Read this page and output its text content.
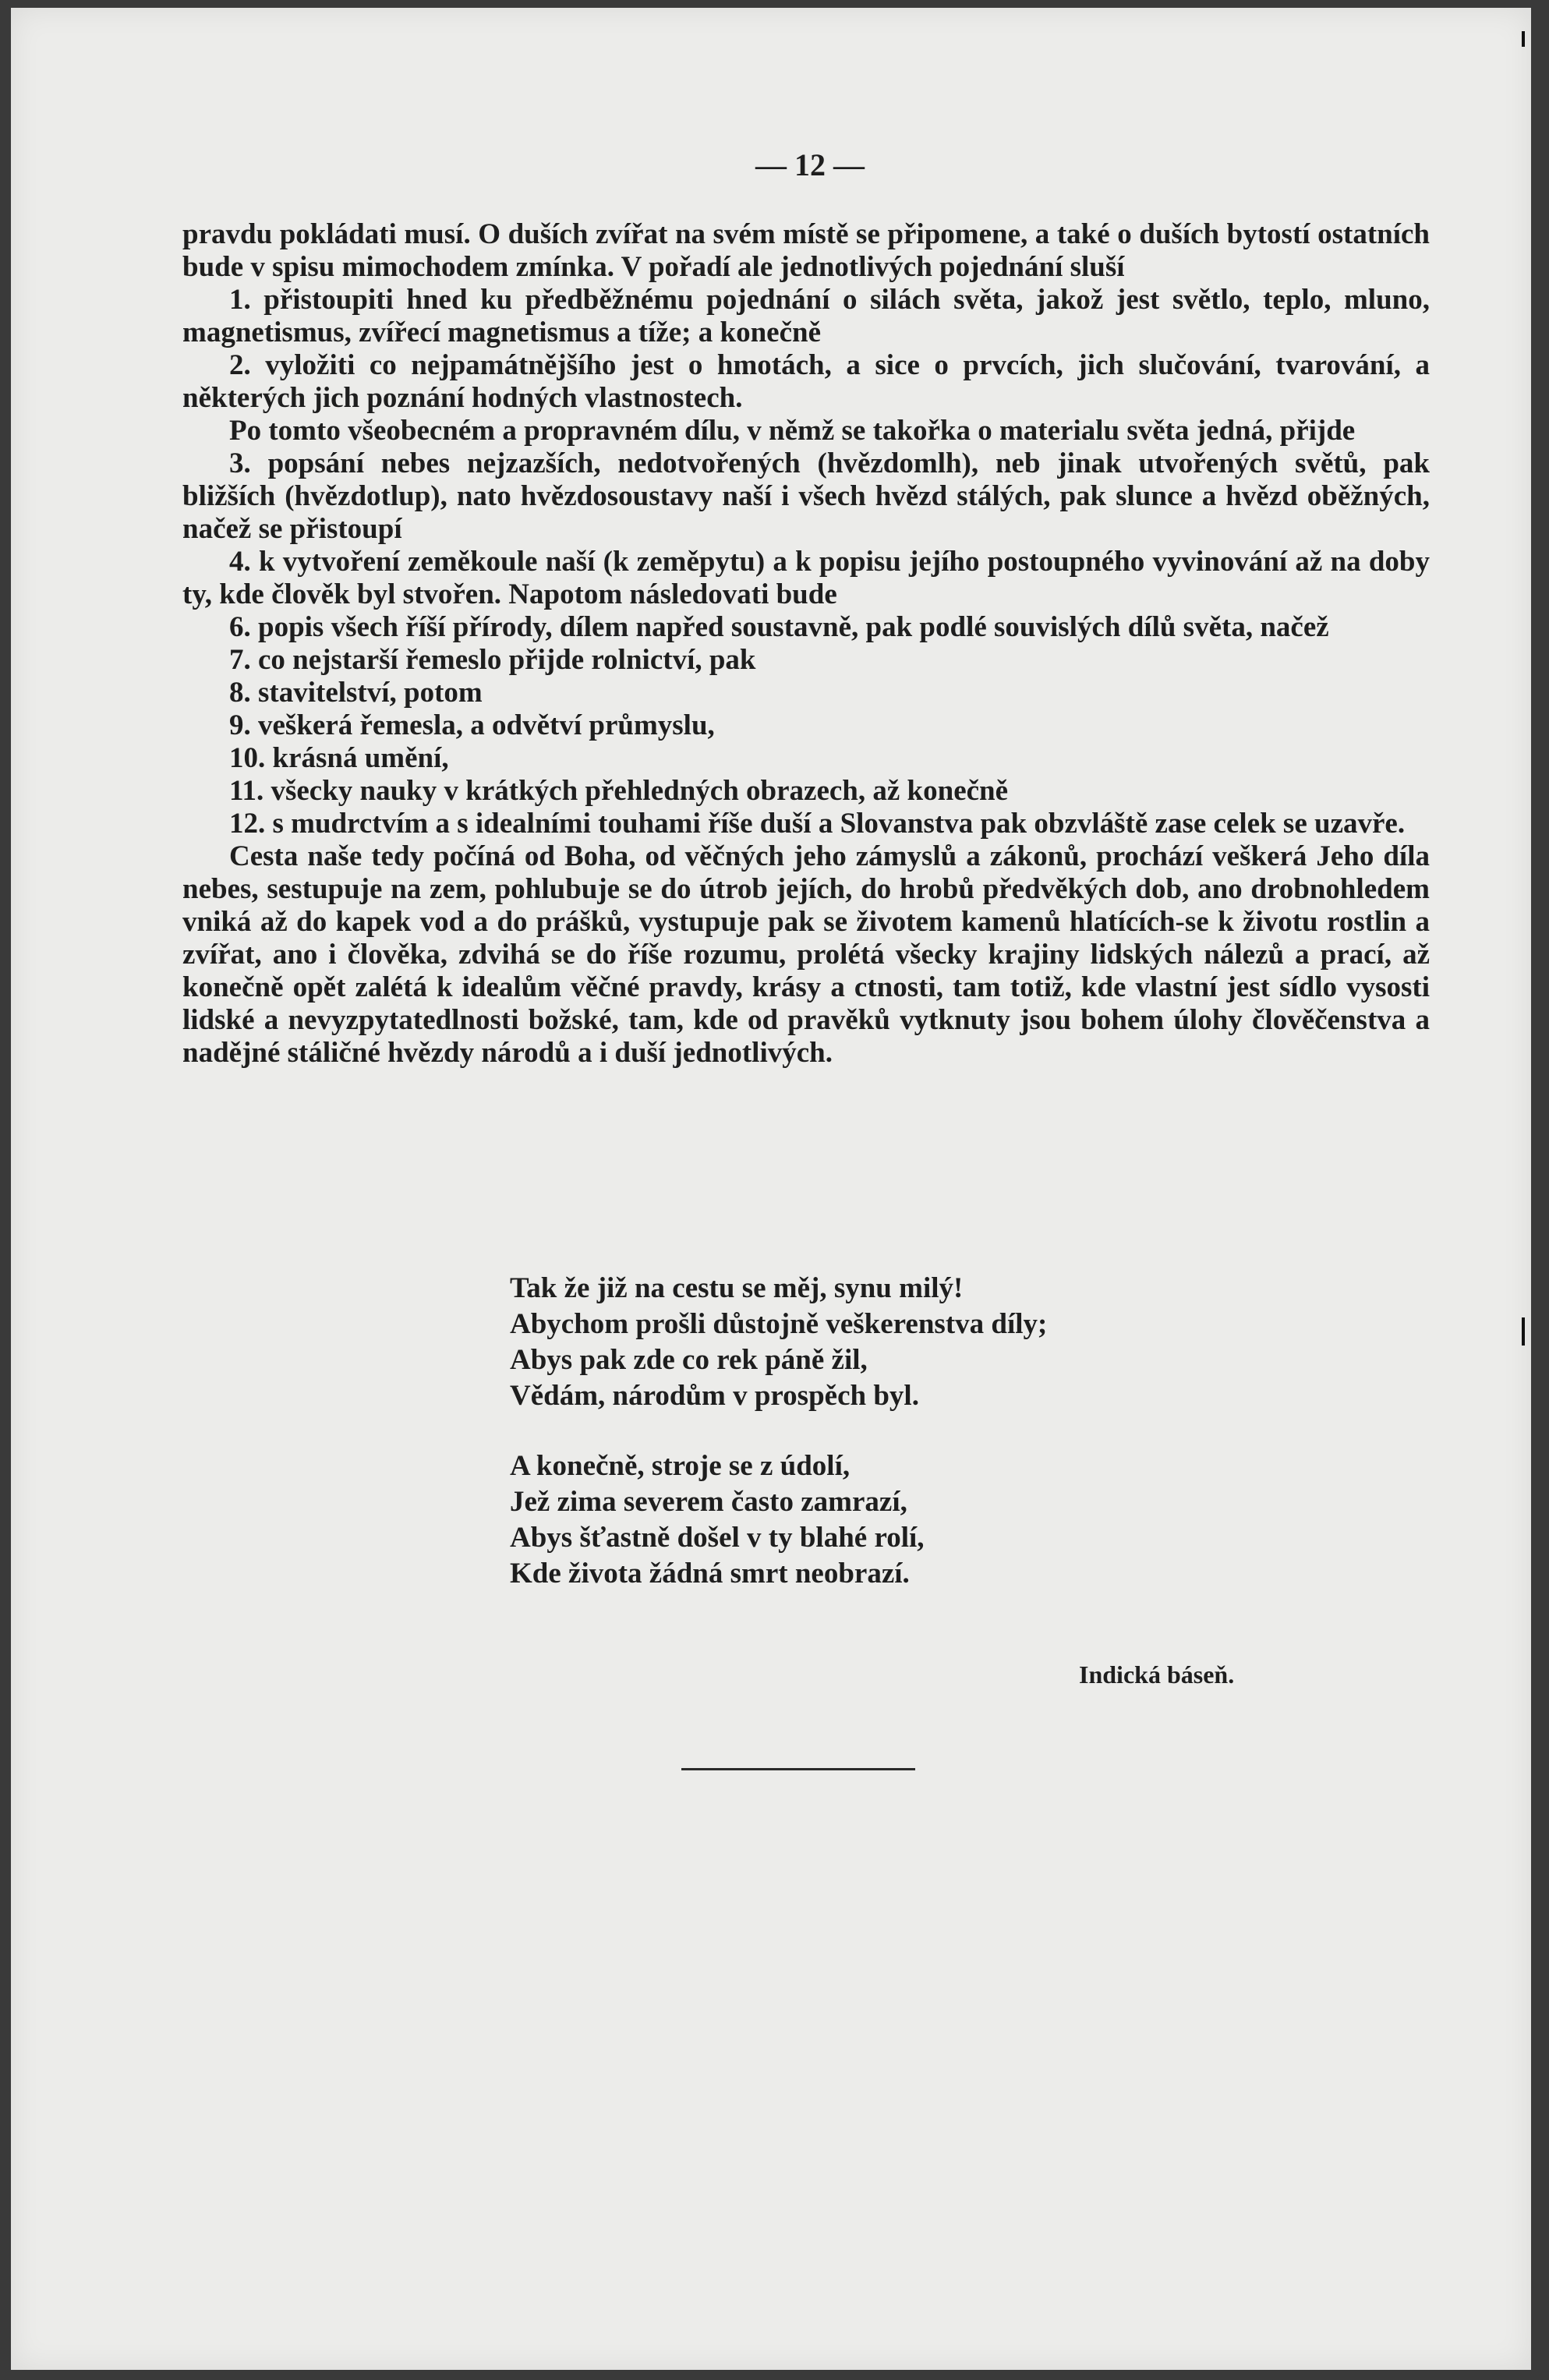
— 12 —

pravdu pokládati musí. O duších zvířat na svém místě se připomene, a také o duších bytostí ostatních bude v spisu mimochodem zmínka. V pořadí ale jednotlivých pojednání sluší

1. přistoupiti hned ku předběžnému pojednání o silách světa, jakož jest světlo, teplo, mluno, magnetismus, zvířecí magnetismus a tíže; a konečně

2. vyložiti co nejpamátnějšího jest o hmotách, a sice o prvcích, jich slučování, tvarování, a některých jich poznání hodných vlastnostech.

Po tomto všeobecném a propravném dílu, v němž se takořka o materialu světa jedná, přijde

3. popsání nebes nejzazších, nedotvořených (hvězdomlh), neb jinak utvořených světů, pak bližších (hvězdotlup), nato hvězdosoustavy naší i všech hvězd stálých, pak slunce a hvězd oběžných, načež se přistoupí

4. k vytvoření zeměkoule naší (k zeměpytu) a k popisu jejího postoupného vyvinování až na doby ty, kde člověk byl stvořen. Napotom následovati bude

6. popis všech říší přírody, dílem napřed soustavně, pak podlé souvislých dílů světa, načež

7. co nejstarší řemeslo přijde rolnictví, pak

8. stavitelství, potom

9. veškerá řemesla, a odvětví průmyslu,

10. krásná umění,

11. všecky nauky v krátkých přehledných obrazech, až konečně

12. s mudrctvím a s idealními touhami říše duší a Slovanstva pak obzvláště zase celek se uzavře.

Cesta naše tedy počíná od Boha, od věčných jeho zámyslů a zákonů, prochází veškerá Jeho díla nebes, sestupuje na zem, pohlubuje se do útrob jejích, do hrobů předvěkých dob, ano drobnohledem vniká až do kapek vod a do prášků, vystupuje pak se životem kamenů hlatících-se k životu rostlin a zvířat, ano i člověka, zdvihá se do říše rozumu, prolétá všecky krajiny lidských nálezů a prací, až konečně opět zalétá k idealům věčné pravdy, krásy a ctnosti, tam totiž, kde vlastní jest sídlo vysosti lidské a nevyzpytatedlnosti božské, tam, kde od pravěků vytknuty jsou bohem úlohy člověčenstva a nadějné stáličné hvězdy národů a i duší jednotlivých.

Tak že již na cestu se měj, synu milý!
Abychom prošli důstojně veškerenstva díly;
Abys pak zde co rek páně žil,
Vědám, národům v prospěch byl.
A konečně, stroje se z údolí,
Jež zima severem často zamrazí,
Abys šťastně došel v ty blahé rolí,
Kde života žádná smrt neobrazí.
Indická báseň.
